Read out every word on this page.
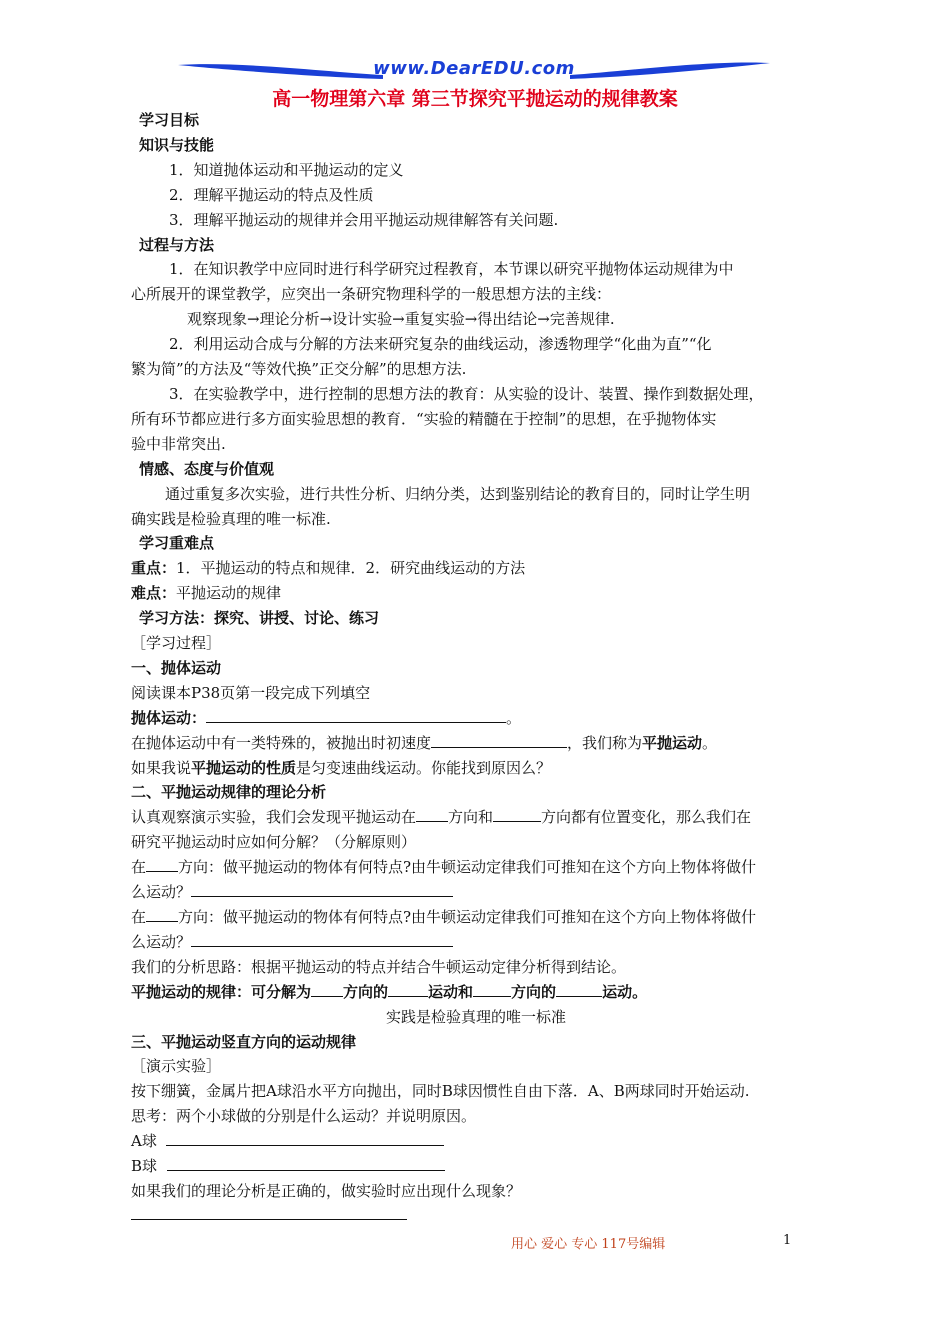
www.DearEDU.com
高一物理第六章 第三节探究平抛运动的规律教案

学习目标

知识与技能

1．知道抛体运动和平抛运动的定义

2．理解平抛运动的特点及性质

3．理解平抛运动的规律并会用平抛运动规律解答有关问题.

过程与方法

1．在知识教学中应同时进行科学研究过程教育，本节课以研究平抛物体运动规律为中

心所展开的课堂教学，应突出一条研究物理科学的一般思想方法的主线：

观察现象→理论分析→设计实验→重复实验→得出结论→完善规律.

2．利用运动合成与分解的方法来研究复杂的曲线运动，渗透物理学“化曲为直”“化

繁为简”的方法及“等效代换”正交分解”的思想方法.

3．在实验教学中，进行控制的思想方法的教育：从实验的设计、装置、操作到数据处理，

所有环节都应进行多方面实验思想的教育．“实验的精髓在于控制”的思想，在乎抛物体实

验中非常突出.

情感、态度与价值观

通过重复多次实验，进行共性分析、归纳分类，达到鉴别结论的教育目的，同时让学生明

确实践是检验真理的唯一标准.

学习重难点

重点：1．平抛运动的特点和规律．2．研究曲线运动的方法

难点：平抛运动的规律

学习方法：探究、讲授、讨论、练习

［学习过程］

一、抛体运动

阅读课本P38页第一段完成下列填空

抛体运动：	。

在抛体运动中有一类特殊的，被抛出时初速度	，我们称为平抛运动。

如果我说平抛运动的性质是匀变速曲线运动。你能找到原因么？

二、平抛运动规律的理论分析

认真观察演示实验，我们会发现平抛运动在 方向和	方向都有位置变化，那么我们在

研究平抛运动时应如何分解？（分解原则）

在 方向：做平抛运动的物体有何特点?由牛顿运动定律我们可推知在这个方向上物体将做什

么运动？

在 方向：做平抛运动的物体有何特点?由牛顿运动定律我们可推知在这个方向上物体将做什

么运动？

我们的分析思路：根据平抛运动的特点并结合牛顿运动定律分析得到结论。

平抛运动的规律：可分解为 方向的	运动和	方向的	运动。

实践是检验真理的唯一标准

三、平抛运动竖直方向的运动规律

［演示实验］

按下绷簧，金属片把A球沿水平方向抛出，同时B球因惯性自由下落．A、B两球同时开始运动.

思考：两个小球做的分别是什么运动？并说明原因。

A球

B球

如果我们的理论分析是正确的，做实验时应出现什么现象？

用心 爱心 专心 117号编辑	1
